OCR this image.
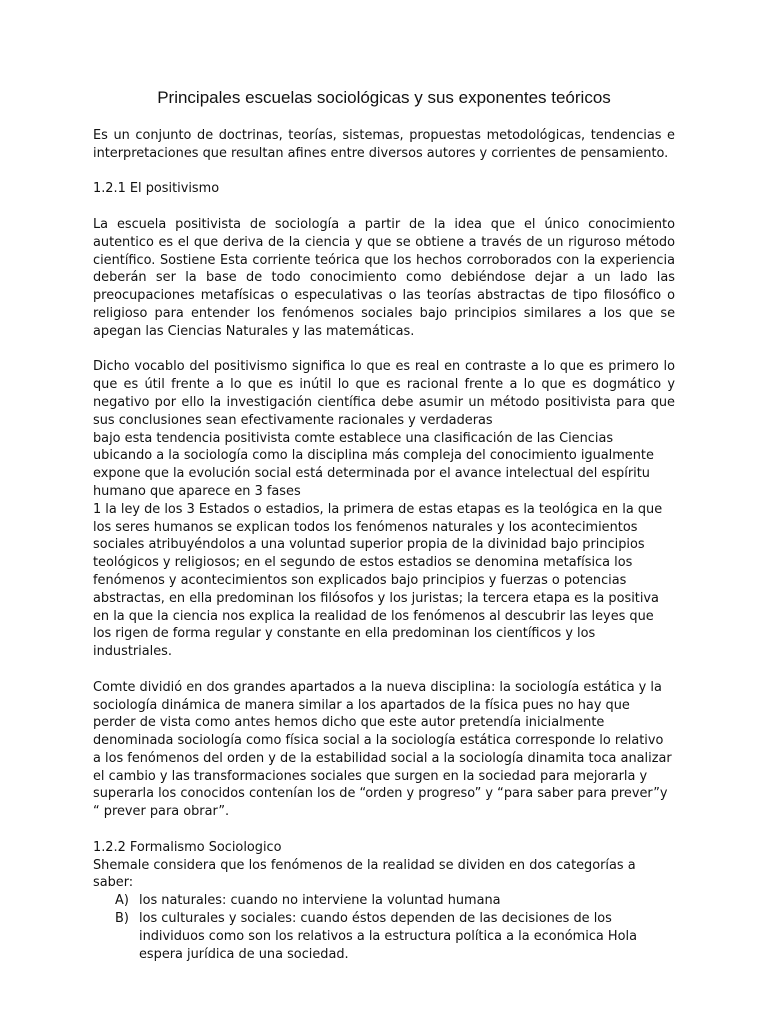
Principales escuelas sociológicas y sus exponentes teóricos

Es un conjunto de doctrinas, teorías, sistemas, propuestas metodológicas, tendencias e interpretaciones que resultan afines entre diversos autores y corrientes de pensamiento.

1.2.1 El positivismo

La escuela positivista de sociología a partir de la idea que el único conocimiento autentico es el que deriva de la ciencia y que se obtiene a través de un riguroso método científico. Sostiene Esta corriente teórica que los hechos corroborados con la experiencia deberán ser la base de todo conocimiento como debiéndose dejar a un lado las preocupaciones metafísicas o especulativas o las teorías abstractas de tipo filosófico o religioso para entender los fenómenos sociales bajo principios similares a los que se apegan las Ciencias Naturales y las matemáticas.

Dicho vocablo del positivismo significa lo que es real en contraste a lo que es primero lo que es útil frente a lo que es inútil lo que es racional frente a lo que es dogmático y negativo por ello la investigación científica debe asumir un método positivista para que sus conclusiones sean efectivamente racionales y verdaderas

bajo esta tendencia positivista comte establece una clasificación de las Ciencias ubicando a la sociología como la disciplina más compleja del conocimiento igualmente expone que la evolución social está determinada por el avance intelectual del espíritu humano que aparece en 3 fases

1 la ley de los 3 Estados o estadios, la primera de estas etapas es la teológica en la que los seres humanos se explican todos los fenómenos naturales y los acontecimientos sociales atribuyéndolos a una voluntad superior propia de la divinidad bajo principios teológicos y religiosos; en el segundo de estos estadios se denomina metafísica los fenómenos y acontecimientos son explicados bajo principios y fuerzas o potencias abstractas, en ella predominan los filósofos y los juristas; la tercera etapa es la positiva en la que la ciencia nos explica la realidad de los fenómenos al descubrir las leyes que los rigen de forma regular y constante en ella predominan los científicos y los industriales.

Comte dividió en dos grandes apartados a la nueva disciplina: la sociología estática y la sociología dinámica de manera similar a los apartados de la física pues no hay que perder de vista como antes hemos dicho que este autor pretendía inicialmente denominada sociología como física social a la sociología estática corresponde lo relativo a los fenómenos del orden y de la estabilidad social a la sociología dinamita toca analizar el cambio y las transformaciones sociales que surgen en la sociedad para mejorarla y superarla los conocidos contenían los de “orden y progreso” y “para saber para prever”y “ prever para obrar”.

1.2.2 Formalismo Sociologico

Shemale considera que los fenómenos de la realidad se dividen en dos categorías a saber:

A) los naturales: cuando no interviene la voluntad humana
B) los culturales y sociales: cuando éstos dependen de las decisiones de los individuos como son los relativos a la estructura política a la económica Hola espera jurídica de una sociedad.
